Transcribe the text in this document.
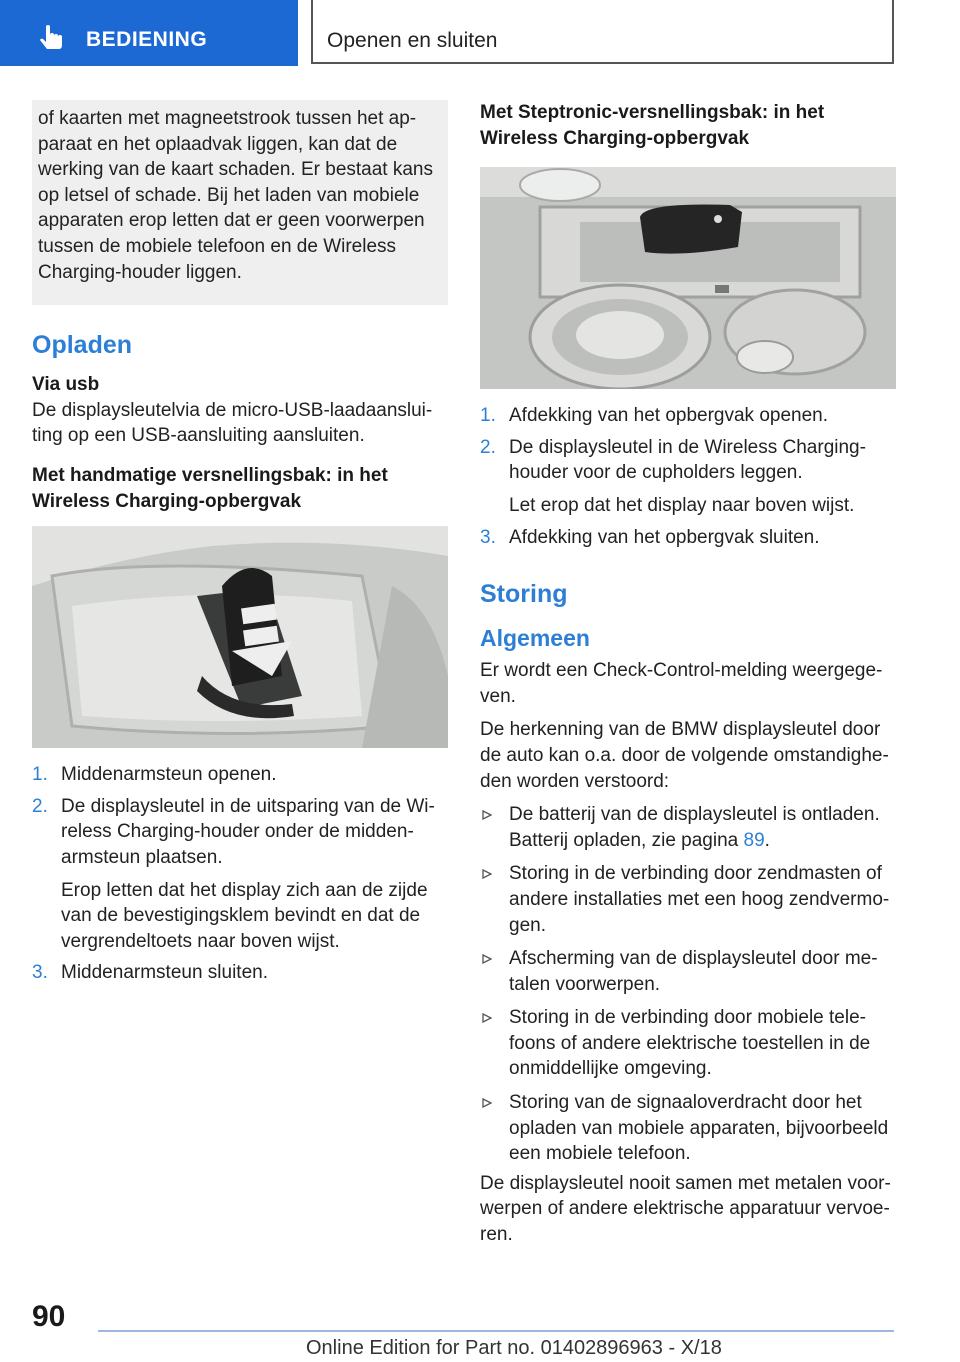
BEDIENING	Openen en sluiten
of kaarten met magneetstrook tussen het apparaat en het oplaadvak liggen, kan dat de werking van de kaart schaden. Er bestaat kans op letsel of schade. Bij het laden van mobiele apparaten erop letten dat er geen voorwerpen tussen de mobiele telefoon en de Wireless Charging-houder liggen.
Opladen
Via usb

De displaysleutelvia de micro-USB-laadaansluiting op een USB-aansluiting aansluiten.

Met handmatige versnellingsbak: in het Wireless Charging-opbergvak
1. Middenarmsteun openen.
2. De displaysleutel in de uitsparing van de Wireless Charging-houder onder de middenarmsteun plaatsen.
Erop letten dat het display zich aan de zijde van de bevestigingsklem bevindt en dat de vergrendeltoets naar boven wijst.
3. Middenarmsteun sluiten.
Met Steptronic-versnellingsbak: in het Wireless Charging-opbergvak
1. Afdekking van het opbergvak openen.
2. De displaysleutel in de Wireless Charging-houder voor de cupholders leggen.
Let erop dat het display naar boven wijst.
3. Afdekking van het opbergvak sluiten.
Storing
Algemeen

Er wordt een Check-Control-melding weergegeven.

De herkenning van de BMW displaysleutel door de auto kan o.a. door de volgende omstandigheden worden verstoord:

De batterij van de displaysleutel is ontladen. Batterij opladen, zie pagina 89.
Storing in de verbinding door zendmasten of andere installaties met een hoog zendvermogen.
Afscherming van de displaysleutel door metalen voorwerpen.
Storing in de verbinding door mobiele telefoons of andere elektrische toestellen in de onmiddellijke omgeving.
Storing van de signaaloverdracht door het opladen van mobiele apparaten, bijvoorbeeld een mobiele telefoon.

De displaysleutel nooit samen met metalen voorwerpen of andere elektrische apparatuur vervoeren.

90
Online Edition for Part no. 01402896963 - X/18
